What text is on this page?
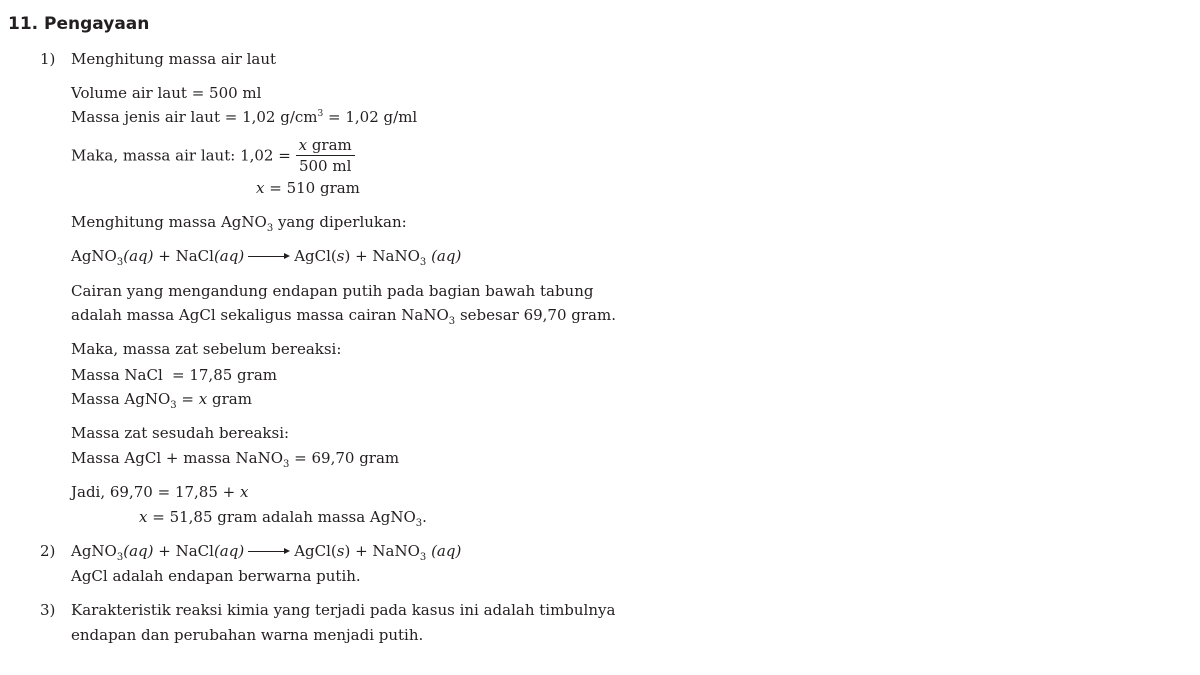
11. Pengayaan
1) Menghitung massa air laut
Volume air laut = 500 ml
Massa jenis air laut = 1,02 $g/cm^3 = 1,02$ g/ml
Maka, massa air laut: $1,02 = \frac{\text{x gram}}{500 ml}$
x = 510 gram
Menghitung massa AgNO$_3$ yang diperlukan:
AgNO$_3$(aq) + NaCl(aq)	AgCl(s) + NaNO$_3$ (aq)
Cairan yang mengandung endapan putih pada bagian bawah tabung
adalah massa AgCl sekaligus massa cairan NaNO$_3$ sebesar 69,70 gram.
Maka, massa zat sebelum bereaksi:
Massa NaCl = 17,85 gram
Massa AgNO$_3$ = x gram
Massa zat sesudah bereaksi:
Massa AgCl + massa NaNO$_3$ = 69,70 gram
Jadi, 69,70 = 17,85 + x
x = 51,85 gram adalah massa AgNO$_3$.
2) AgNO$_3$(aq) + NaCl(aq)	AgCl(s) + NaNO$_3$ (aq)
AgCl adalah endapan berwarna putih.
3) Karakteristik reaksi kimia yang terjadi pada kasus ini adalah timbulnya
endapan dan perubahan warna menjadi putih.
